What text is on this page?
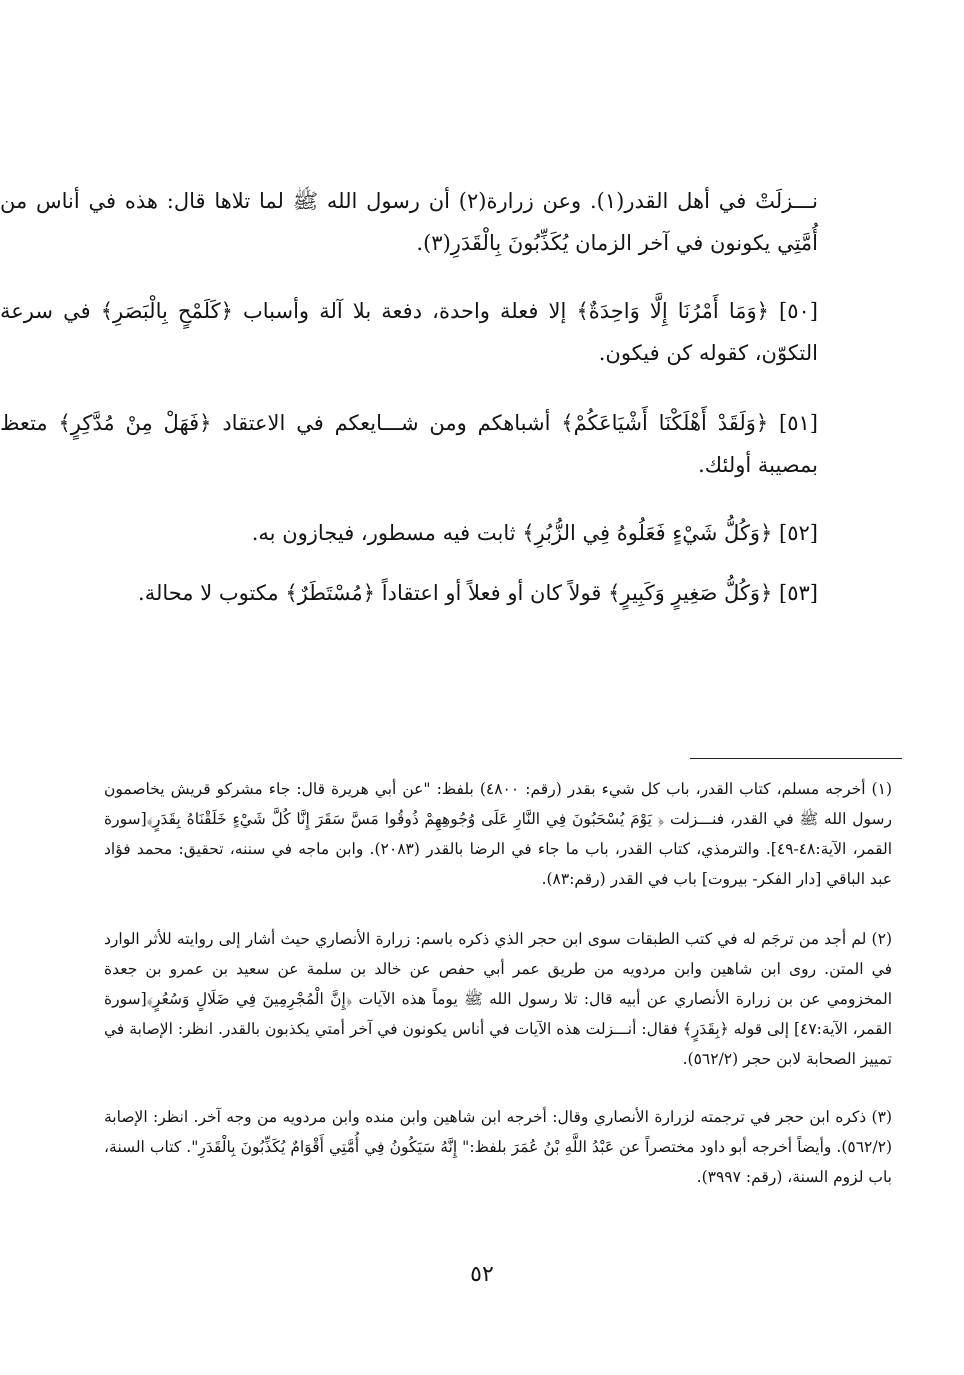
نـــزلَتْ في أهل القدر(١). وعن زرارة(٢) أن رسول الله ﷺ لما تلاها قال: هذه في أناس من أُمَّتِي يكونون في آخر الزمان يُكَذِّبُونَ بِالْقَدَرِ(٣).

[٥٠] ﴿وَمَا أَمْرُنَا إِلَّا وَاحِدَةٌ﴾ إلا فعلة واحدة، دفعة بلا آلة وأسباب ﴿كَلَمْحٍ بِالْبَصَرِ﴾ في سرعة التكوّن، كقوله كن فيكون.

[٥١] ﴿وَلَقَدْ أَهْلَكْنَا أَشْيَاعَكُمْ﴾ أشباهكم ومن شـــايعكم في الاعتقاد ﴿فَهَلْ مِنْ مُدَّكِرٍ﴾ متعظ بمصيبة أولئك.

[٥٢] ﴿وَكُلُّ شَيْءٍ فَعَلُوهُ فِي الزُّبُرِ﴾ ثابت فيه مسطور، فيجازون به.

[٥٣] ﴿وَكُلُّ صَغِيرٍ وَكَبِيرٍ﴾ قولاً كان أو فعلاً أو اعتقاداً ﴿مُسْتَطَرٌ﴾ مكتوب لا محالة.

(١) أخرجه مسلم، كتاب القدر، باب كل شيء بقدر (رقم: ٤٨٠٠) بلفظ: "عن أبي هريرة قال: جاء مشركو قريش يخاصمون رسول الله ﷺ في القدر، فنـــزلت ﴿ يَوْمَ يُسْحَبُونَ فِي النَّارِ عَلَى وُجُوهِهِمْ ذُوقُوا مَسَّ سَقَرَ إِنَّا كُلَّ شَيْءٍ خَلَقْنَاهُ بِقَدَرٍ﴾[سورة القمر، الآية:٤٨-٤٩]. والترمذي، كتاب القدر، باب ما جاء في الرضا بالقدر (٢٠٨٣). وابن ماجه في سننه، تحقيق: محمد فؤاد عبد الباقي [دار الفكر- بيروت] باب في القدر (رقم:٨٣).

(٢) لم أجد من ترجَم له في كتب الطبقات سوى ابن حجر الذي ذكره باسم: زرارة الأنصاري حيث أشار إلى روايته للأثر الوارد في المتن. روى ابن شاهين وابن مردويه من طريق عمر أبي حفص عن خالد بن سلمة عن سعيد بن عمرو بن جعدة المخزومي عن بن زرارة الأنصاري عن أبيه قال: تلا رسول الله ﷺ يوماً هذه الآيات ﴿إِنَّ الْمُجْرِمِينَ فِي ضَلَالٍ وَسُعُرٍ﴾[سورة القمر، الآية:٤٧] إلى قوله ﴿بِقَدَرٍ﴾ فقال: أنـــزلت هذه الآيات في أناس يكونون في آخر أمتي يكذبون بالقدر. انظر: الإصابة في تمييز الصحابة لابن حجر (٥٦٢/٢).

(٣) ذكره ابن حجر في ترجمته لزرارة الأنصاري وقال: أخرجه ابن شاهين وابن منده وابن مردويه من وجه آخر. انظر: الإصابة (٥٦٢/٢). وأيضاً أخرجه أبو داود مختصراً عن عَبْدُ اللَّهِ بْنُ عُمَرَ بلفظ:" إِنَّهُ سَيَكُونُ فِي أُمَّتِي أَقْوَامٌ يُكَذِّبُونَ بِالْقَدَرِ". كتاب السنة، باب لزوم السنة، (رقم: ٣٩٩٧).

٥٢
